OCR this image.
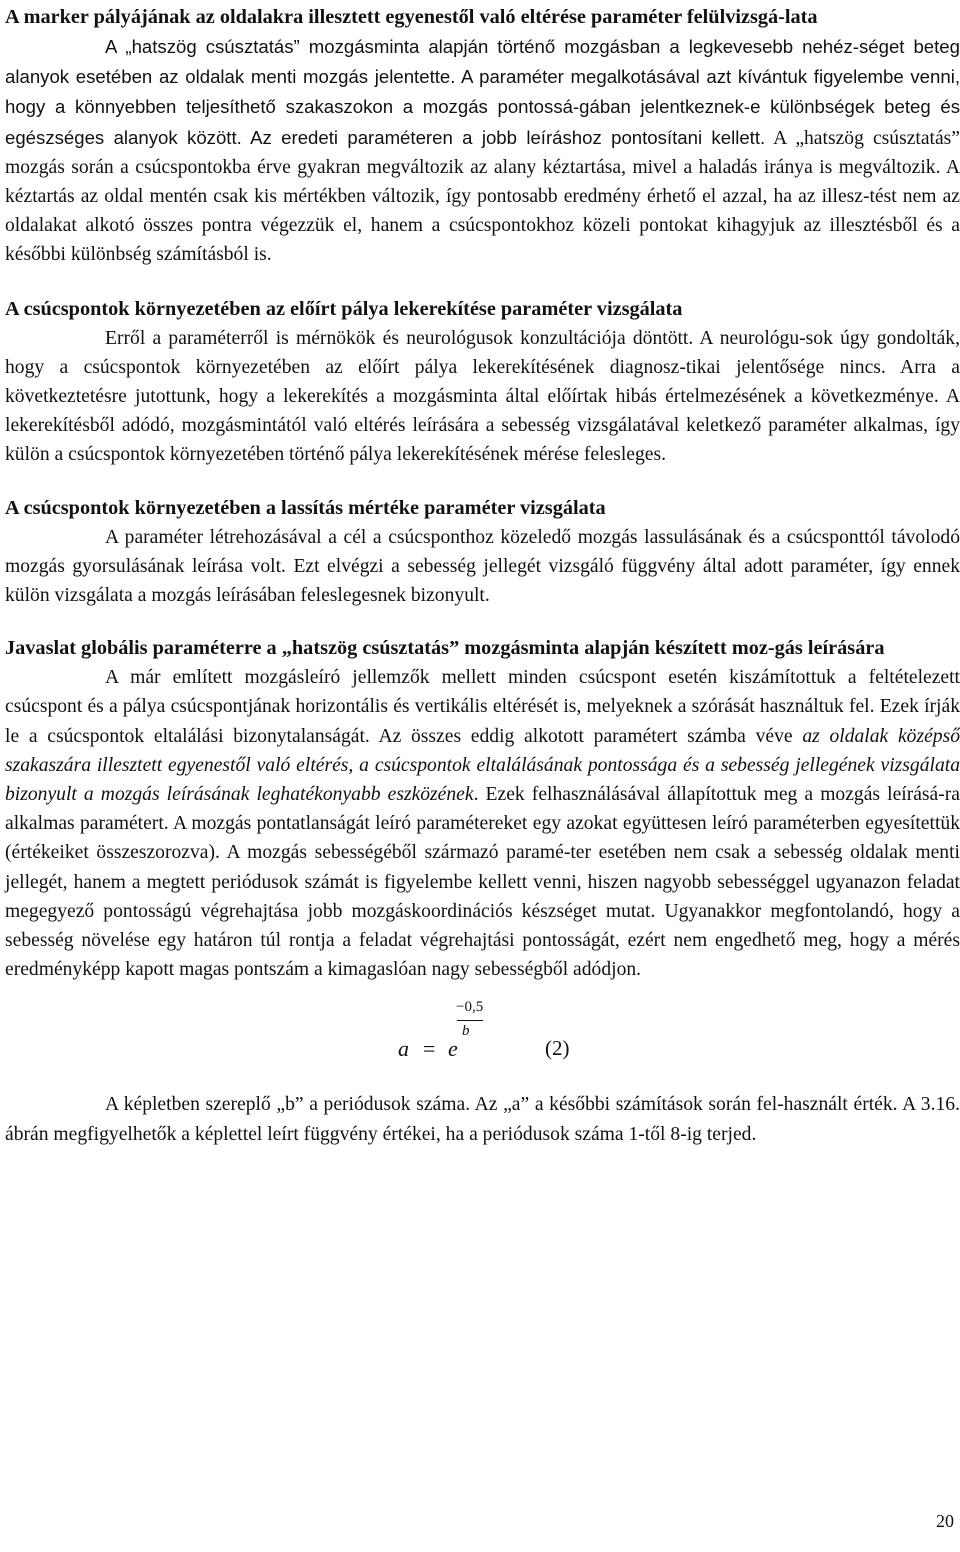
A marker pályájának az oldalakra illesztett egyenestől való eltérése paraméter felülvizsgá-lata

A „hatszög csúsztatás” mozgásminta alapján történő mozgásban a legkevesebb nehéz-séget beteg alanyok esetében az oldalak menti mozgás jelentette. A paraméter megalkotásával azt kívántuk figyelembe venni, hogy a könnyebben teljesíthető szakaszokon a mozgás pontossá-gában jelentkeznek-e különbségek beteg és egészséges alanyok között. Az eredeti paraméteren a jobb leíráshoz pontosítani kellett. A „hatszög csúsztatás” mozgás során a csúcspontokba érve gyakran megváltozik az alany kéztartása, mivel a haladás iránya is megváltozik. A kéztartás az oldal mentén csak kis mértékben változik, így pontosabb eredmény érhető el azzal, ha az illesz-tést nem az oldalakat alkotó összes pontra végezzük el, hanem a csúcspontokhoz közeli pontokat kihagyjuk az illesztésből és a későbbi különbség számításból is.

A csúcspontok környezetében az előírt pálya lekerekítése paraméter vizsgálata

Erről a paraméterről is mérnökök és neurológusok konzultációja döntött. A neurológu-sok úgy gondolták, hogy a csúcspontok környezetében az előírt pálya lekerekítésének diagnosz-tikai jelentősége nincs. Arra a következtetésre jutottunk, hogy a lekerekítés a mozgásminta által előírtak hibás értelmezésének a következménye. A lekerekítésből adódó, mozgásmintától való eltérés leírására a sebesség vizsgálatával keletkező paraméter alkalmas, így külön a csúcspontok környezetében történő pálya lekerekítésének mérése felesleges.

A csúcspontok környezetében a lassítás mértéke paraméter vizsgálata

A paraméter létrehozásával a cél a csúcsponthoz közeledő mozgás lassulásának és a csúcsponttól távolodó mozgás gyorsulásának leírása volt. Ezt elvégzi a sebesség jellegét vizsgáló függvény által adott paraméter, így ennek külön vizsgálata a mozgás leírásában feleslegesnek bizonyult.

Javaslat globális paraméterre a „hatszög csúsztatás” mozgásminta alapján készített moz-gás leírására

A már említett mozgásleíró jellemzők mellett minden csúcspont esetén kiszámítottuk a feltételezett csúcspont és a pálya csúcspontjának horizontális és vertikális eltérését is, melyeknek a szórását használtuk fel. Ezek írják le a csúcspontok eltalálási bizonytalanságát. Az összes eddig alkotott paramétert számba véve az oldalak középső szakaszára illesztett egyenestől való eltérés, a csúcspontok eltalálásának pontossága és a sebesség jellegének vizsgálata bizonyult a mozgás leírásának leghatékonyabb eszközének. Ezek felhasználásával állapítottuk meg a mozgás leírásá-ra alkalmas paramétert. A mozgás pontatlanságát leíró paramétereket egy azokat együttesen leíró paraméterben egyesítettük (értékeiket összeszorozva). A mozgás sebességéből származó paramé-ter esetében nem csak a sebesség oldalak menti jellegét, hanem a megtett periódusok számát is figyelembe kellett venni, hiszen nagyobb sebességgel ugyanazon feladat megegyező pontosságú végrehajtása jobb mozgáskoordinációs készséget mutat. Ugyanakkor megfontolandó, hogy a sebesség növelése egy határon túl rontja a feladat végrehajtási pontosságát, ezért nem engedhető meg, hogy a mérés eredményképp kapott magas pontszám a kimagaslóan nagy sebességből adódjon.

a = e
−0,5
b
(2)

A képletben szereplő „b” a periódusok száma. Az „a” a későbbi számítások során fel-használt érték. A 3.16. ábrán megfigyelhetők a képlettel leírt függvény értékei, ha a periódusok száma 1-től 8-ig terjed.

20
